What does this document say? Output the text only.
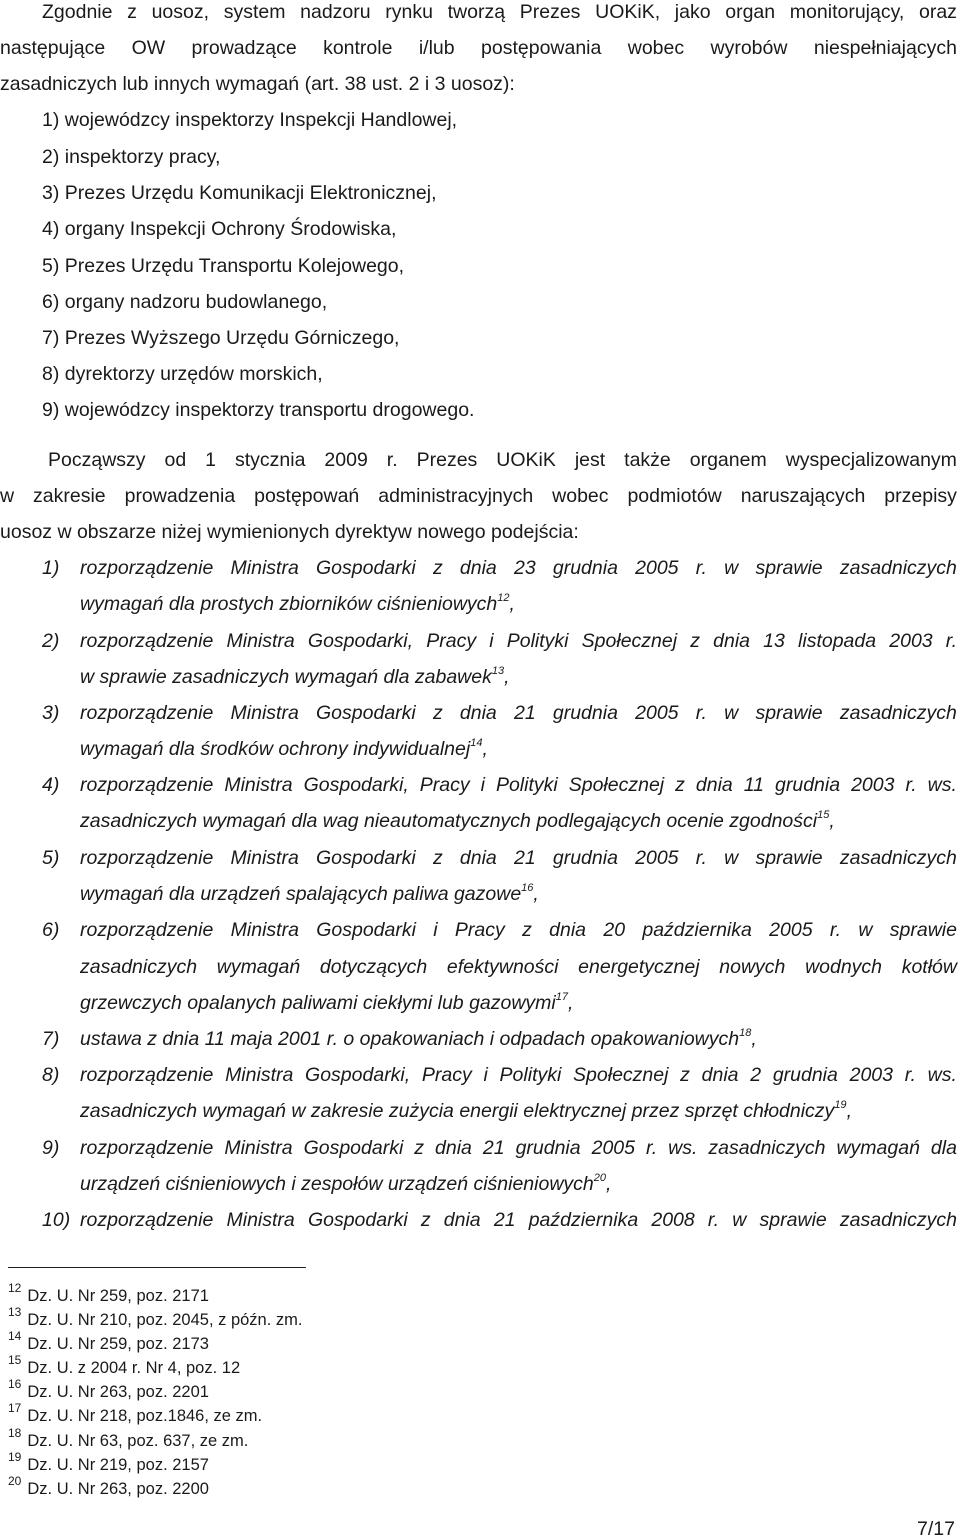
Zgodnie z uosoz, system nadzoru rynku tworzą Prezes UOKiK, jako organ monitorujący, oraz
następujące OW prowadzące kontrole i/lub postępowania wobec wyrobów niespełniających
zasadniczych lub innych wymagań (art. 38 ust. 2 i 3 uosoz):
1) wojewódzcy inspektorzy Inspekcji Handlowej,
2) inspektorzy pracy,
3) Prezes Urzędu Komunikacji Elektronicznej,
4) organy Inspekcji Ochrony Środowiska,
5) Prezes Urzędu Transportu Kolejowego,
6) organy nadzoru budowlanego,
7) Prezes Wyższego Urzędu Górniczego,
8) dyrektorzy urzędów morskich,
9) wojewódzcy inspektorzy transportu drogowego.
Począwszy od 1 stycznia 2009 r. Prezes UOKiK jest także organem wyspecjalizowanym
w zakresie prowadzenia postępowań administracyjnych wobec podmiotów naruszających przepisy
uosoz w obszarze niżej wymienionych dyrektyw nowego podejścia:
1) rozporządzenie Ministra Gospodarki z dnia 23 grudnia 2005 r. w sprawie zasadniczych
wymagań dla prostych zbiorników ciśnieniowych$^{12}$,
2) rozporządzenie Ministra Gospodarki, Pracy i Polityki Społecznej z dnia 13 listopada 2003 r.
w sprawie zasadniczych wymagań dla zabawek$^{13}$,
3) rozporządzenie Ministra Gospodarki z dnia 21 grudnia 2005 r. w sprawie zasadniczych
wymagań dla środków ochrony indywidualnej$^{14}$,
4) rozporządzenie Ministra Gospodarki, Pracy i Polityki Społecznej z dnia 11 grudnia 2003 r. ws.
zasadniczych wymagań dla wag nieautomatycznych podlegających ocenie zgodności$^{15}$,
5) rozporządzenie Ministra Gospodarki z dnia 21 grudnia 2005 r. w sprawie zasadniczych
wymagań dla urządzeń spalających paliwa gazowe$^{16}$,
6) rozporządzenie Ministra Gospodarki i Pracy z dnia 20 października 2005 r. w sprawie
zasadniczych wymagań dotyczących efektywności energetycznej nowych wodnych kotłów
grzewczych opalanych paliwami ciekłymi lub gazowymi$^{17}$,
7) ustawa z dnia 11 maja 2001 r. o opakowaniach i odpadach opakowaniowych$^{18}$,
8) rozporządzenie Ministra Gospodarki, Pracy i Polityki Społecznej z dnia 2 grudnia 2003 r. ws.
zasadniczych wymagań w zakresie zużycia energii elektrycznej przez sprzęt chłodniczy$^{19}$,
9) rozporządzenie Ministra Gospodarki z dnia 21 grudnia 2005 r. ws. zasadniczych wymagań dla
urządzeń ciśnieniowych i zespołów urządzeń ciśnieniowych$^{20}$,
10) rozporządzenie Ministra Gospodarki z dnia 21 października 2008 r. w sprawie zasadniczych
$^{12}$ Dz. U. Nr 259, poz. 2171
$^{13}$ Dz. U. Nr 210, poz. 2045, z późn. zm.
$^{14}$ Dz. U. Nr 259, poz. 2173
$^{15}$ Dz. U. z 2004 r. Nr 4, poz. 12
$^{16}$ Dz. U. Nr 263, poz. 2201
$^{17}$ Dz. U. Nr 218, poz.1846, ze zm.
$^{18}$ Dz. U. Nr 63, poz. 637, ze zm.
$^{19}$ Dz. U. Nr 219, poz. 2157
$^{20}$ Dz. U. Nr 263, poz. 2200
7/17
